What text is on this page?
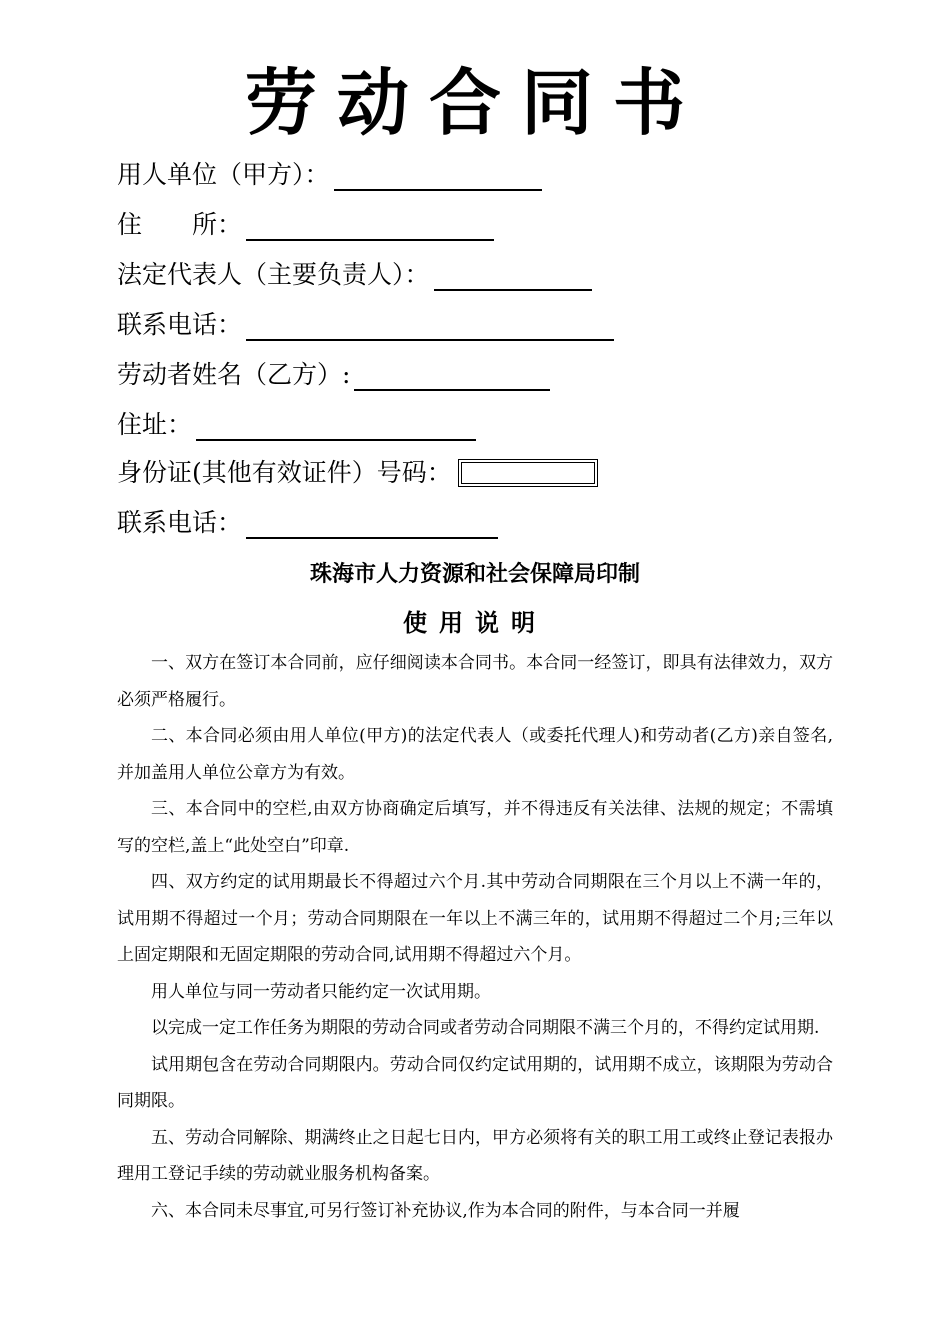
劳动合同书
用人单位（甲方）：
住　　所：
法定代表人（主要负责人）：
联系电话：
劳动者姓名（乙方）:
住址：
身份证(其他有效证件）号码：
联系电话：
珠海市人力资源和社会保障局印制
使用说明

一、双方在签订本合同前，应仔细阅读本合同书。本合同一经签订，即具有法律效力，双方必须严格履行。

二、本合同必须由用人单位(甲方)的法定代表人（或委托代理人)和劳动者(乙方)亲自签名,并加盖用人单位公章方为有效。

三、本合同中的空栏,由双方协商确定后填写，并不得违反有关法律、法规的规定；不需填写的空栏,盖上“此处空白”印章.

四、双方约定的试用期最长不得超过六个月.其中劳动合同期限在三个月以上不满一年的，试用期不得超过一个月；劳动合同期限在一年以上不满三年的，试用期不得超过二个月;三年以上固定期限和无固定期限的劳动合同,试用期不得超过六个月。

用人单位与同一劳动者只能约定一次试用期。

以完成一定工作任务为期限的劳动合同或者劳动合同期限不满三个月的，不得约定试用期.

试用期包含在劳动合同期限内。劳动合同仅约定试用期的，试用期不成立，该期限为劳动合同期限。

五、劳动合同解除、期满终止之日起七日内，甲方必须将有关的职工用工或终止登记表报办理用工登记手续的劳动就业服务机构备案。

六、本合同未尽事宜,可另行签订补充协议,作为本合同的附件，与本合同一并履
